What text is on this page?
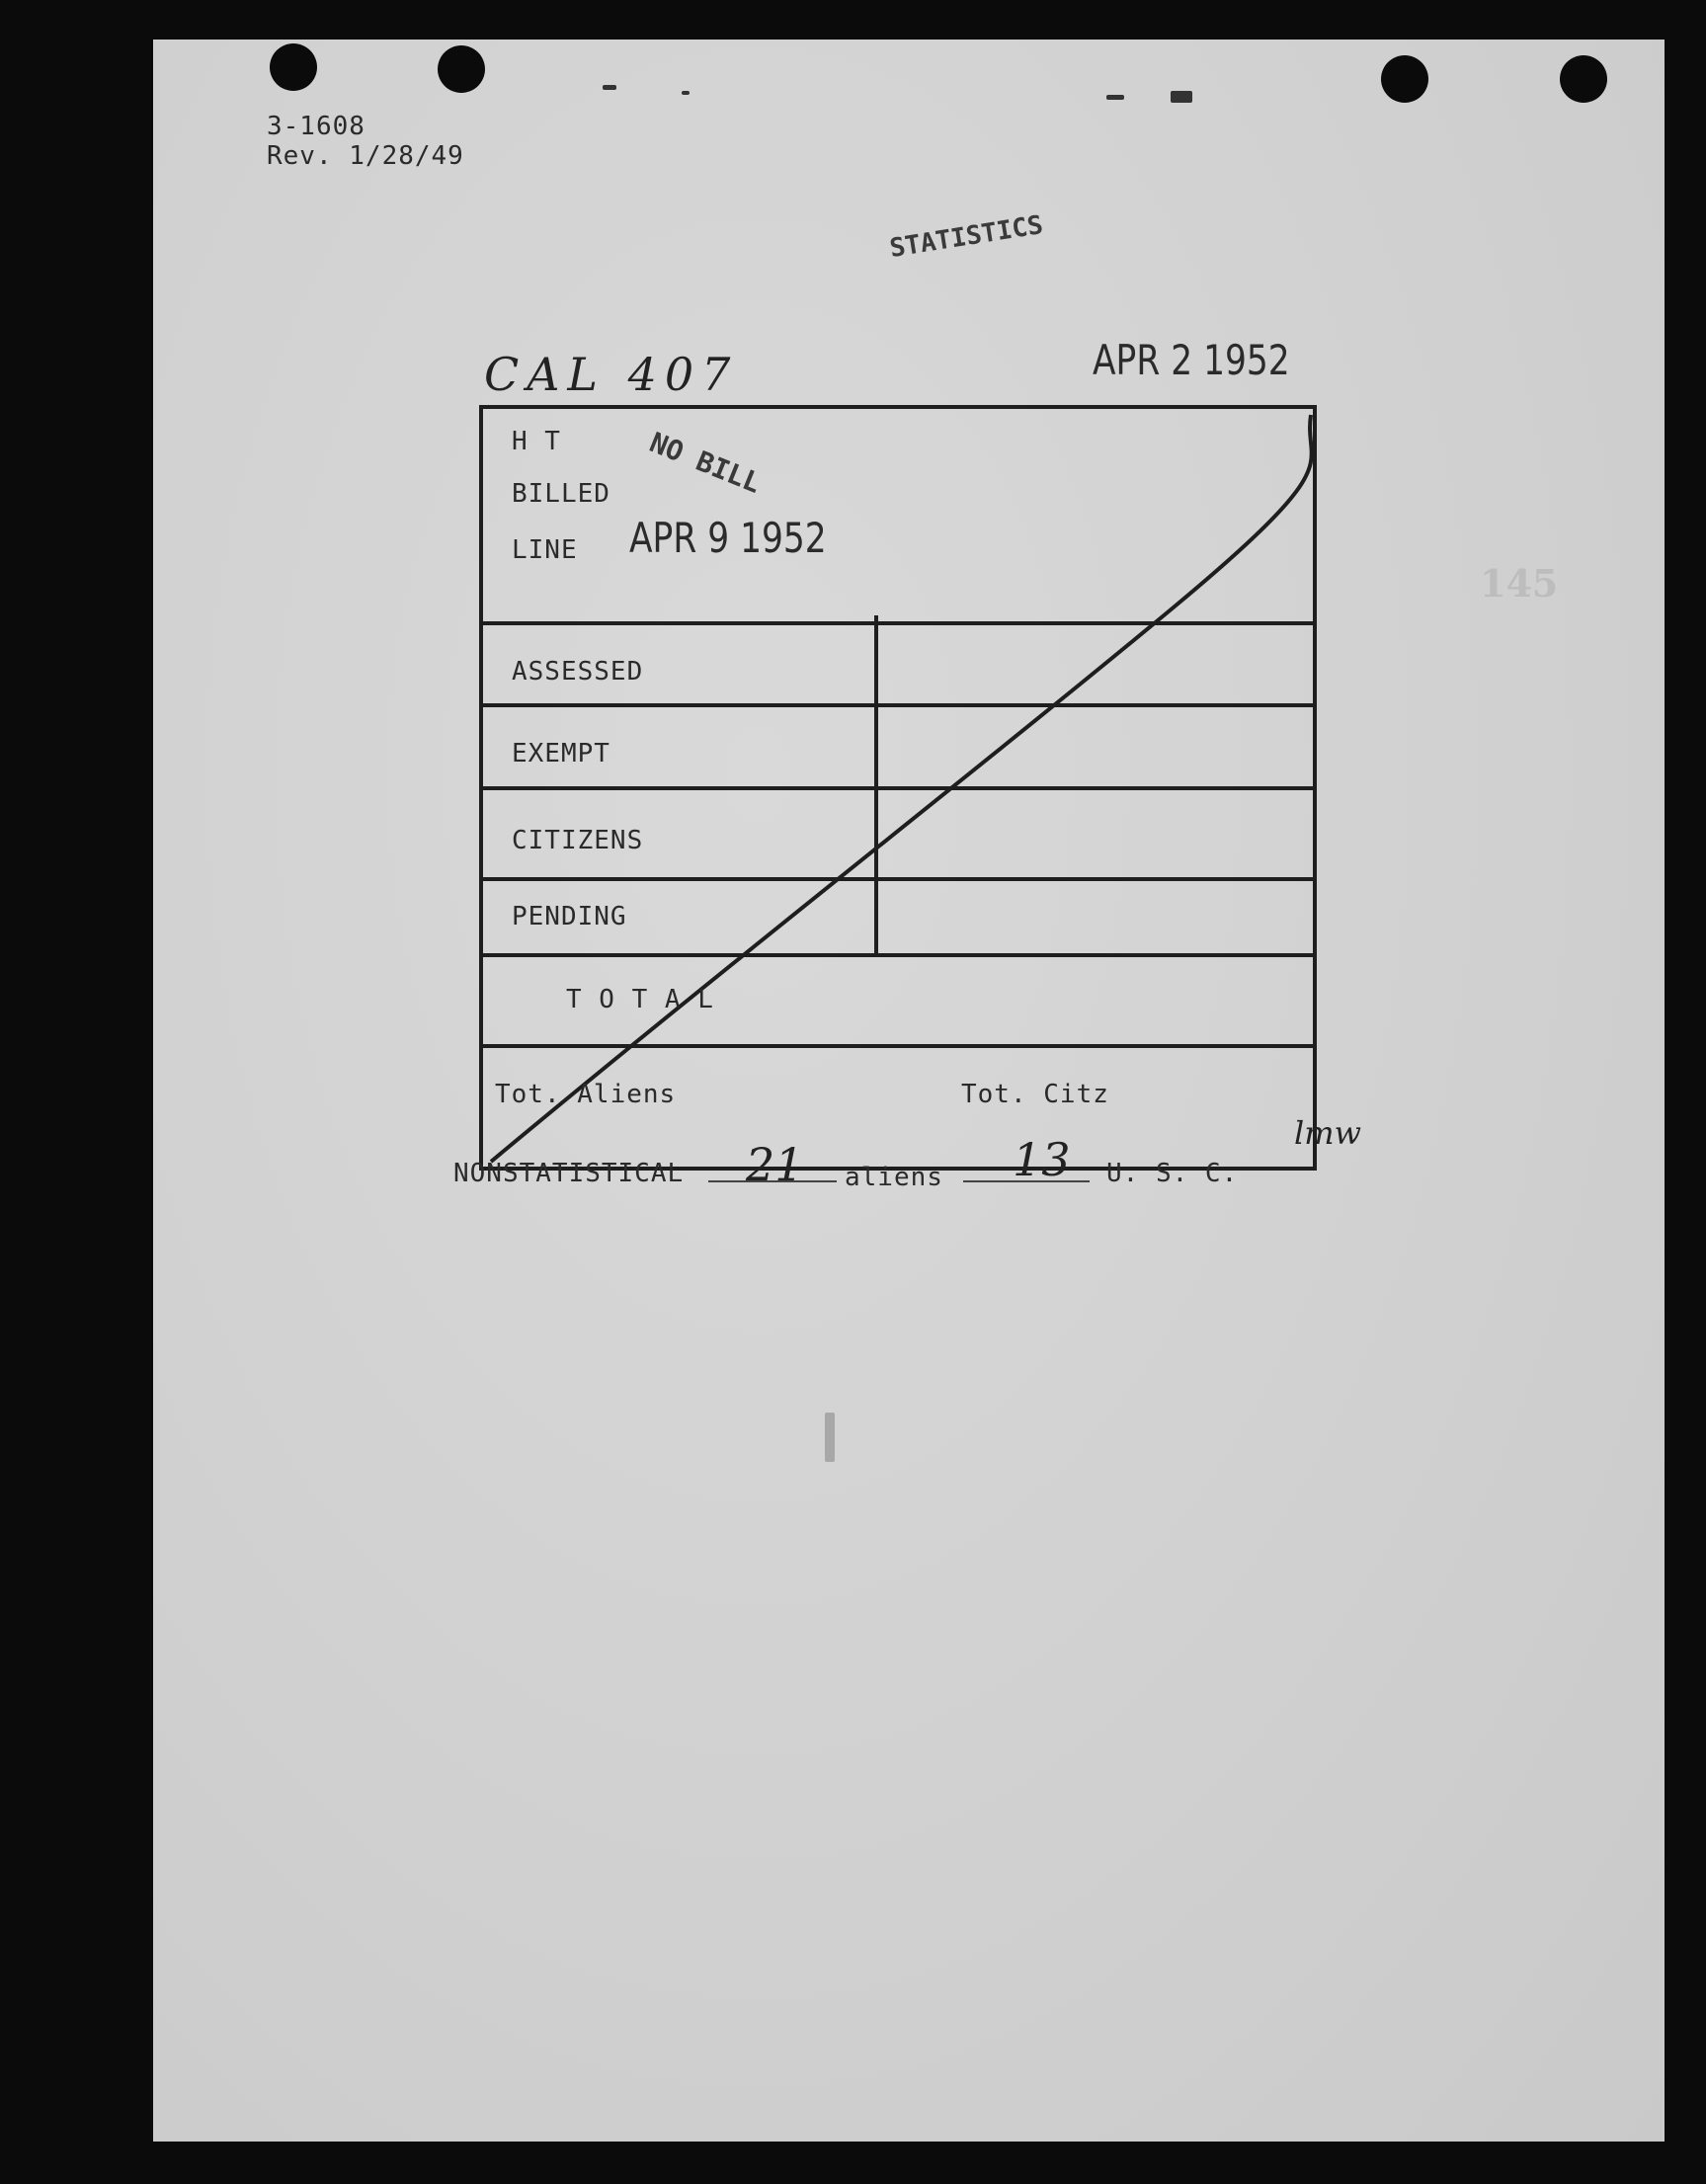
3-1608
Rev. 1/28/49
STATISTICS
CAL 407	APR 2 1952
145
H T
BILLED
LINE
NO BILL
APR 9 1952
ASSESSED
EXEMPT
CITIZENS
PENDING
T O T A L
Tot. Aliens	Tot. Citz
lmw
NONSTATISTICAL 21 aliens 13 U. S. C.
